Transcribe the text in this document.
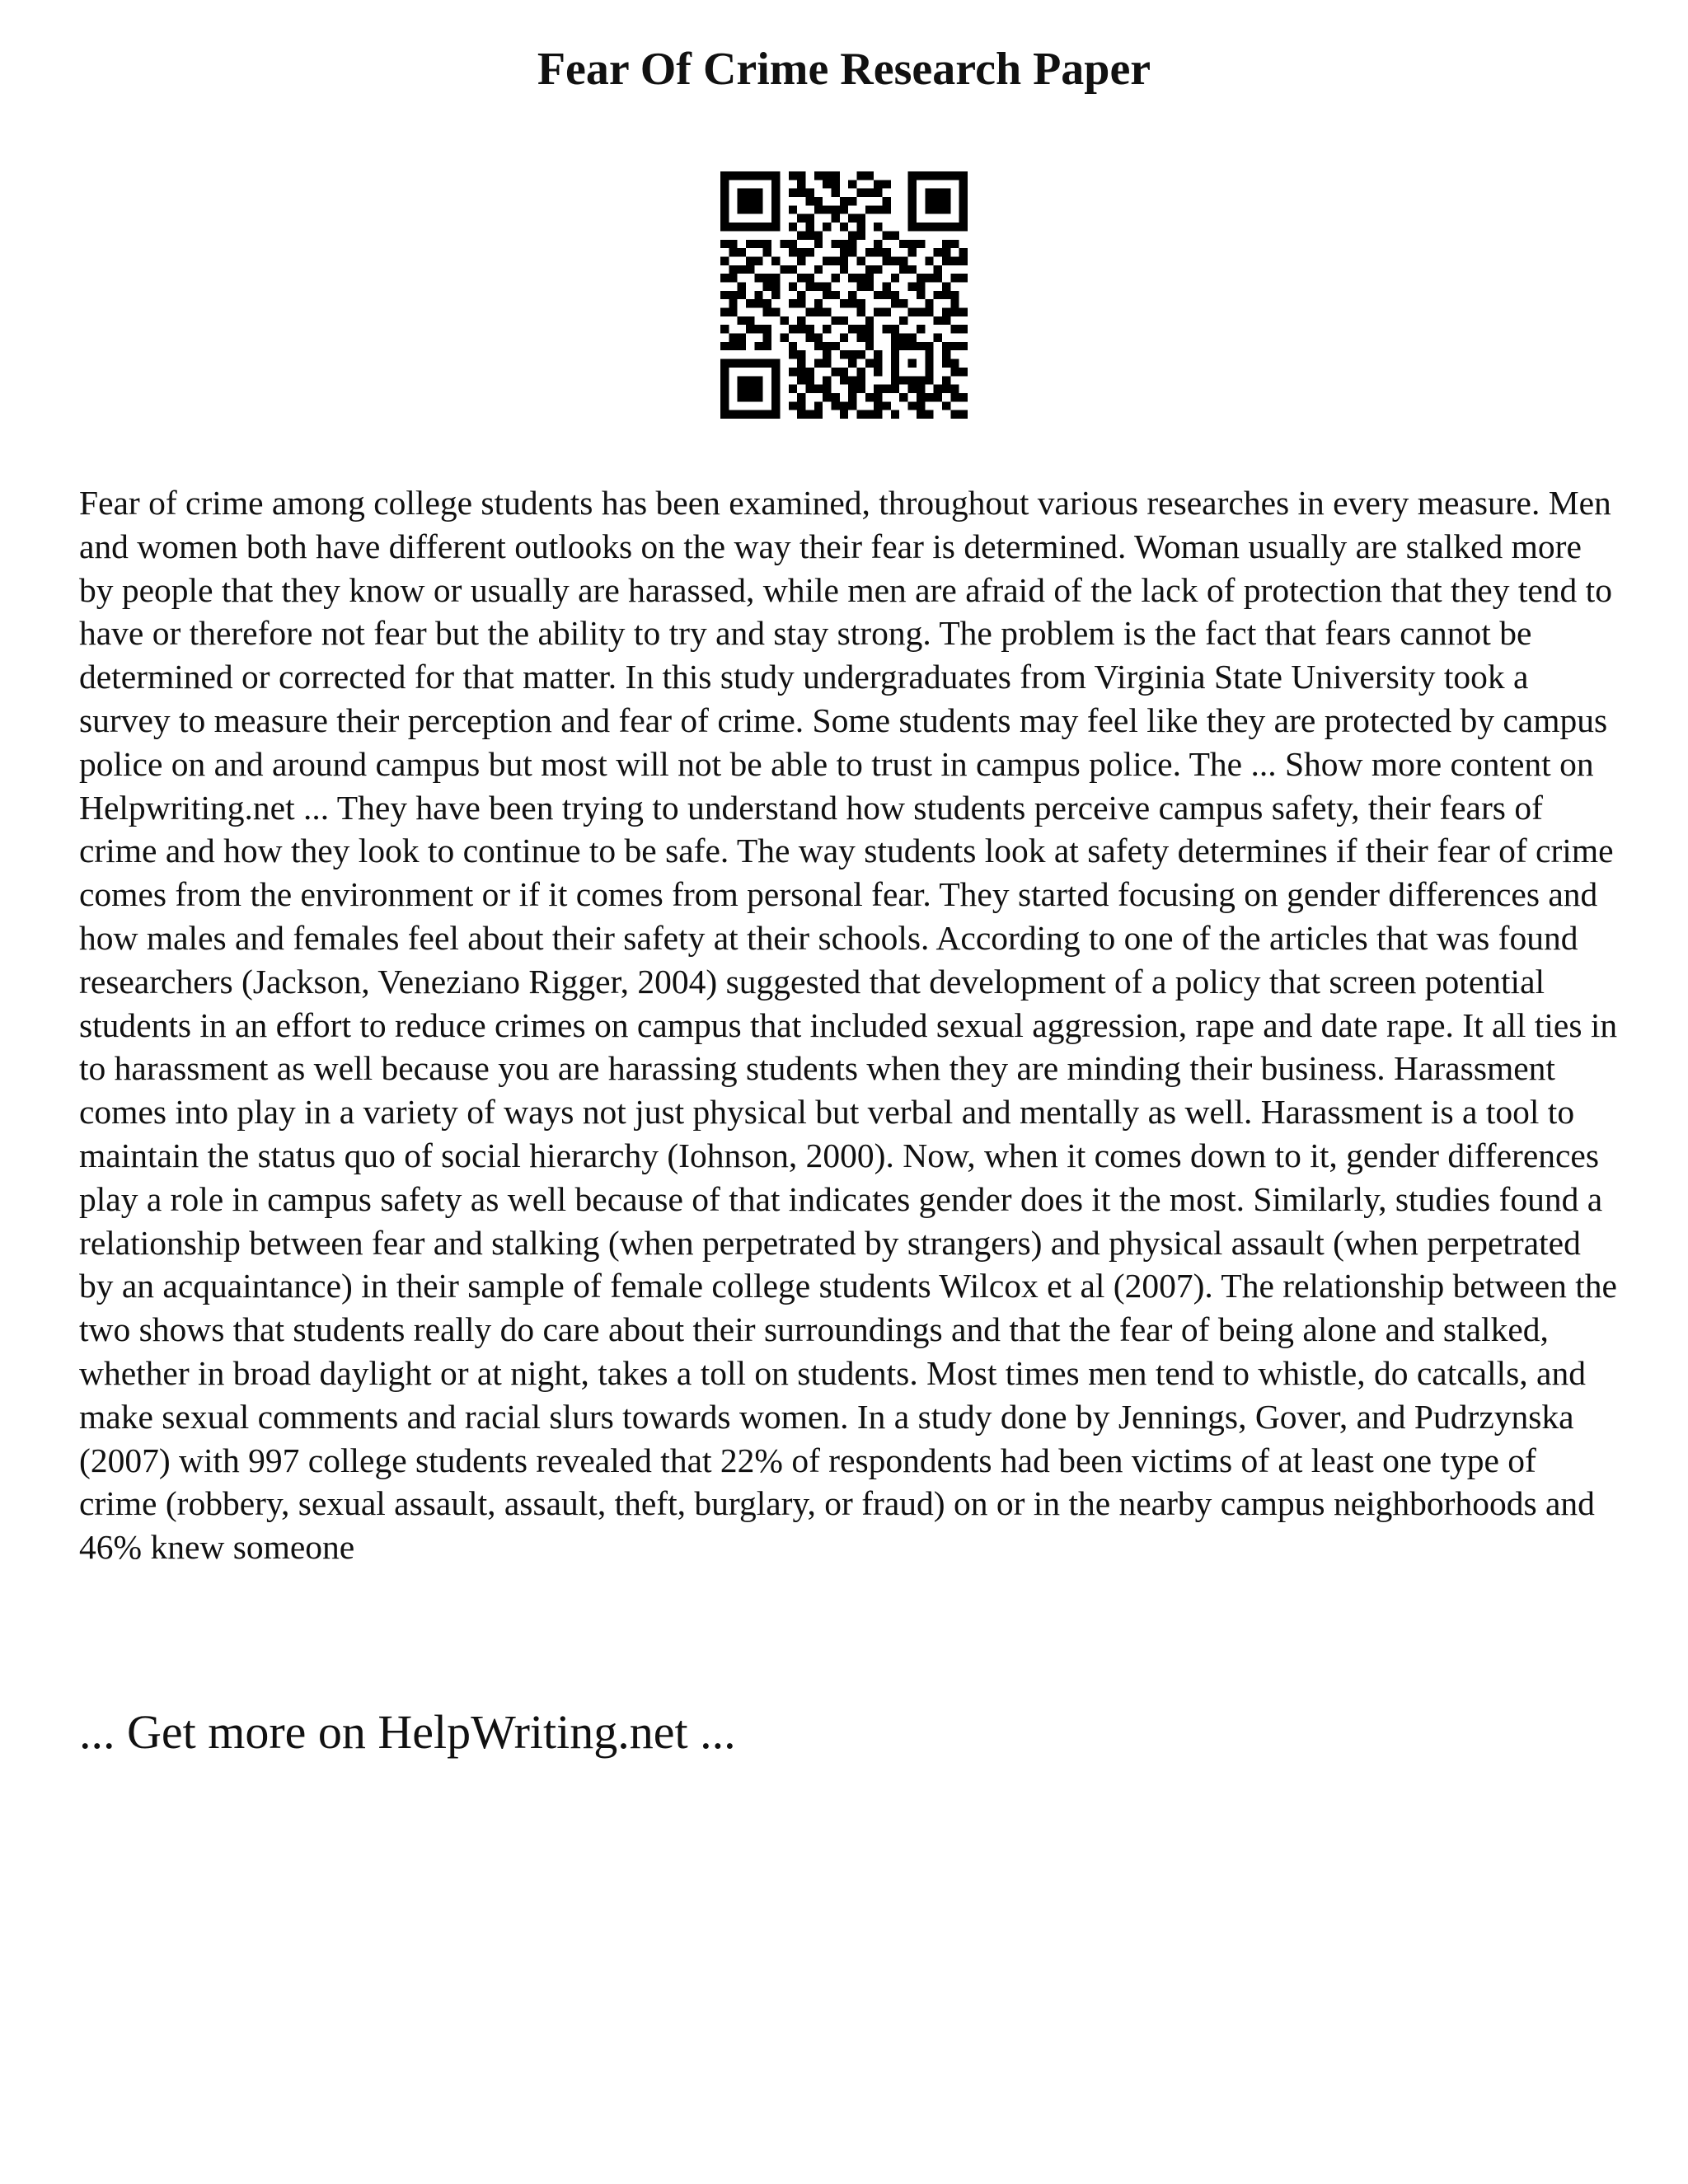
Fear Of Crime Research Paper

Fear of crime among college students has been examined, throughout various researches in every measure. Men and women both have different outlooks on the way their fear is determined. Woman usually are stalked more by people that they know or usually are harassed, while men are afraid of the lack of protection that they tend to have or therefore not fear but the ability to try and stay strong. The problem is the fact that fears cannot be determined or corrected for that matter. In this study undergraduates from Virginia State University took a survey to measure their perception and fear of crime. Some students may feel like they are protected by campus police on and around campus but most will not be able to trust in campus police. The ... Show more content on Helpwriting.net ... They have been trying to understand how students perceive campus safety, their fears of crime and how they look to continue to be safe. The way students look at safety determines if their fear of crime comes from the environment or if it comes from personal fear. They started focusing on gender differences and how males and females feel about their safety at their schools. According to one of the articles that was found researchers (Jackson, Veneziano Rigger, 2004) suggested that development of a policy that screen potential students in an effort to reduce crimes on campus that included sexual aggression, rape and date rape. It all ties in to harassment as well because you are harassing students when they are minding their business. Harassment comes into play in a variety of ways not just physical but verbal and mentally as well. Harassment is a tool to maintain the status quo of social hierarchy (Iohnson, 2000). Now, when it comes down to it, gender differences play a role in campus safety as well because of that indicates gender does it the most. Similarly, studies found a relationship between fear and stalking (when perpetrated by strangers) and physical assault (when perpetrated by an acquaintance) in their sample of female college students Wilcox et al (2007). The relationship between the two shows that students really do care about their surroundings and that the fear of being alone and stalked, whether in broad daylight or at night, takes a toll on students. Most times men tend to whistle, do catcalls, and make sexual comments and racial slurs towards women. In a study done by Jennings, Gover, and Pudrzynska (2007) with 997 college students revealed that 22% of respondents had been victims of at least one type of crime (robbery, sexual assault, assault, theft, burglary, or fraud) on or in the nearby campus neighborhoods and 46% knew someone

... Get more on HelpWriting.net ...
